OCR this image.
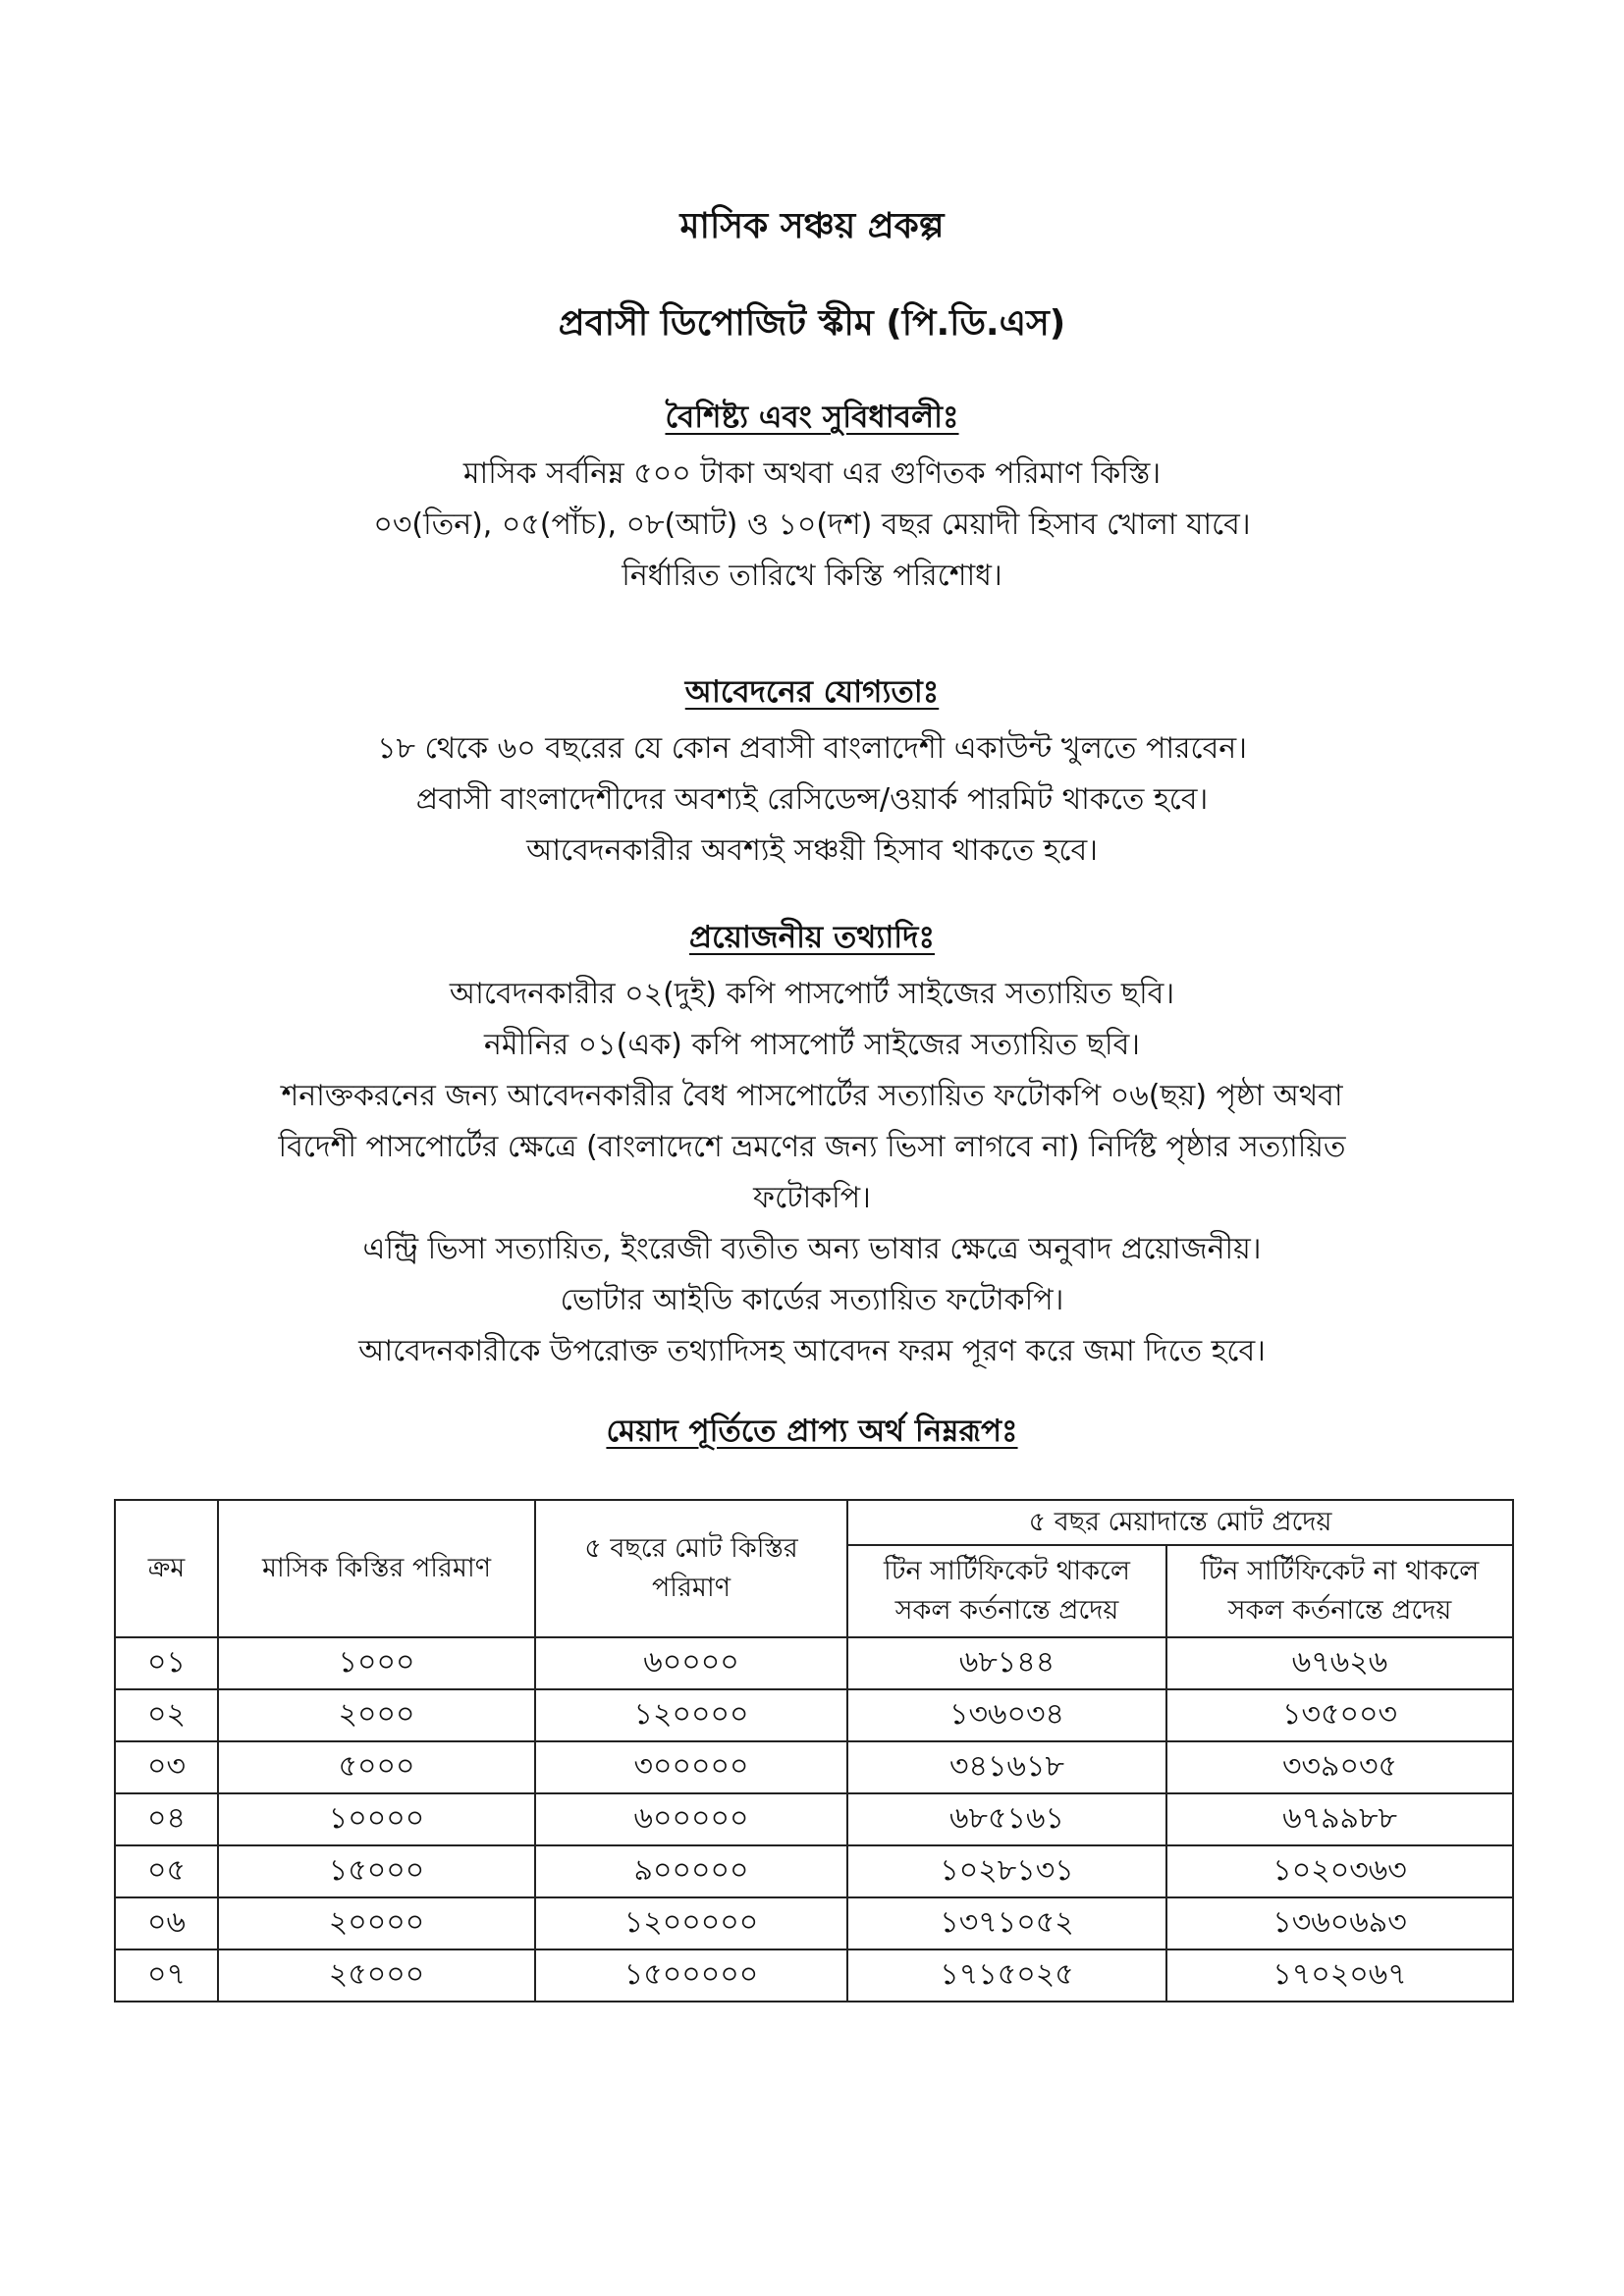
মাসিক সঞ্চয় প্রকল্প
প্রবাসী ডিপোজিট স্কীম (পি.ডি.এস)

বৈশিষ্ট্য এবং সুবিধাবলীঃ

মাসিক সর্বনিম্ন ৫০০ টাকা অথবা এর গুণিতক পরিমাণ কিস্তি।

০৩(তিন), ০৫(পাঁচ), ০৮(আট) ও ১০(দশ) বছর মেয়াদী হিসাব খোলা যাবে।

নির্ধারিত তারিখে কিস্তি পরিশোধ।

আবেদনের যোগ্যতাঃ

১৮ থেকে ৬০ বছরের যে কোন প্রবাসী বাংলাদেশী একাউন্ট খুলতে পারবেন।

প্রবাসী বাংলাদেশীদের অবশ্যই রেসিডেন্স/ওয়ার্ক পারমিট থাকতে হবে।

আবেদনকারীর অবশ্যই সঞ্চয়ী হিসাব থাকতে হবে।

প্রয়োজনীয় তথ্যাদিঃ

আবেদনকারীর ০২(দুই) কপি পাসপোর্ট সাইজের সত্যায়িত ছবি।

নমীনির ০১(এক) কপি পাসপোর্ট সাইজের সত্যায়িত ছবি।

শনাক্তকরনের জন্য আবেদনকারীর বৈধ পাসপোর্টের সত্যায়িত ফটোকপি ০৬(ছয়) পৃষ্ঠা অথবা

বিদেশী পাসপোর্টের ক্ষেত্রে (বাংলাদেশে ভ্রমণের জন্য ভিসা লাগবে না) নির্দিষ্ট পৃষ্ঠার সত্যায়িত

ফটোকপি।

এন্ট্রি ভিসা সত্যায়িত, ইংরেজী ব্যতীত অন্য ভাষার ক্ষেত্রে অনুবাদ প্রয়োজনীয়।

ভোটার আইডি কার্ডের সত্যায়িত ফটোকপি।

আবেদনকারীকে উপরোক্ত তথ্যাদিসহ আবেদন ফরম পূরণ করে জমা দিতে হবে।

মেয়াদ পূর্তিতে প্রাপ্য অর্থ নিম্নরূপঃ

ক্রম	মাসিক কিস্তির পরিমাণ	৫ বছরে মোট কিস্তির পরিমাণ	৫ বছর মেয়াদান্তে মোট প্রদেয়	
			টিন সার্টিফিকেট থাকলে সকল কর্তনান্তে প্রদেয়	টিন সার্টিফিকেট না থাকলে সকল কর্তনান্তে প্রদেয়
০১	১০০০	৬০০০০	৬৮১৪৪	৬৭৬২৬
০২	২০০০	১২০০০০	১৩৬০৩৪	১৩৫০০৩
০৩	৫০০০	৩০০০০০	৩৪১৬১৮	৩৩৯০৩৫
০৪	১০০০০	৬০০০০০	৬৮৫১৬১	৬৭৯৯৮৮
০৫	১৫০০০	৯০০০০০	১০২৮১৩১	১০২০৩৬৩
০৬	২০০০০	১২০০০০০	১৩৭১০৫২	১৩৬০৬৯৩
০৭	২৫০০০	১৫০০০০০	১৭১৫০২৫	১৭০২০৬৭
